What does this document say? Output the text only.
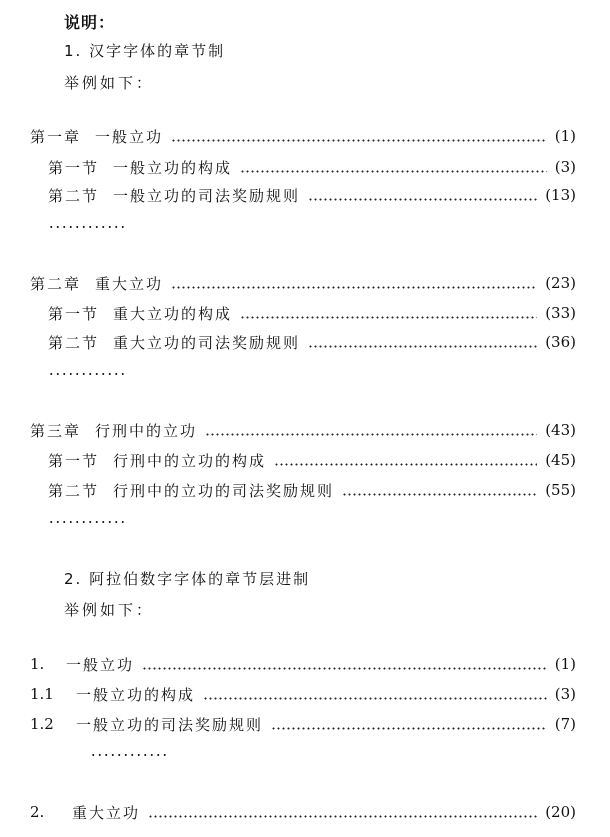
说明：
1. 汉字字体的章节制
举例如下：
第一章 一般立功	(1)
第一节 一般立功的构成	(3)
第二节 一般立功的司法奖励规则	(13)
第二章 重大立功	(23)
第一节 重大立功的构成	(33)
第二节 重大立功的司法奖励规则	(36)
第三章 行刑中的立功	(43)
第一节 行刑中的立功的构成	(45)
第二节 行刑中的立功的司法奖励规则	(55)
2. 阿拉伯数字字体的章节层进制
举例如下：
1.	一般立功	(1)
1.1	一般立功的构成	(3)
1.2	一般立功的司法奖励规则	(7)
2.	重大立功	(20)
